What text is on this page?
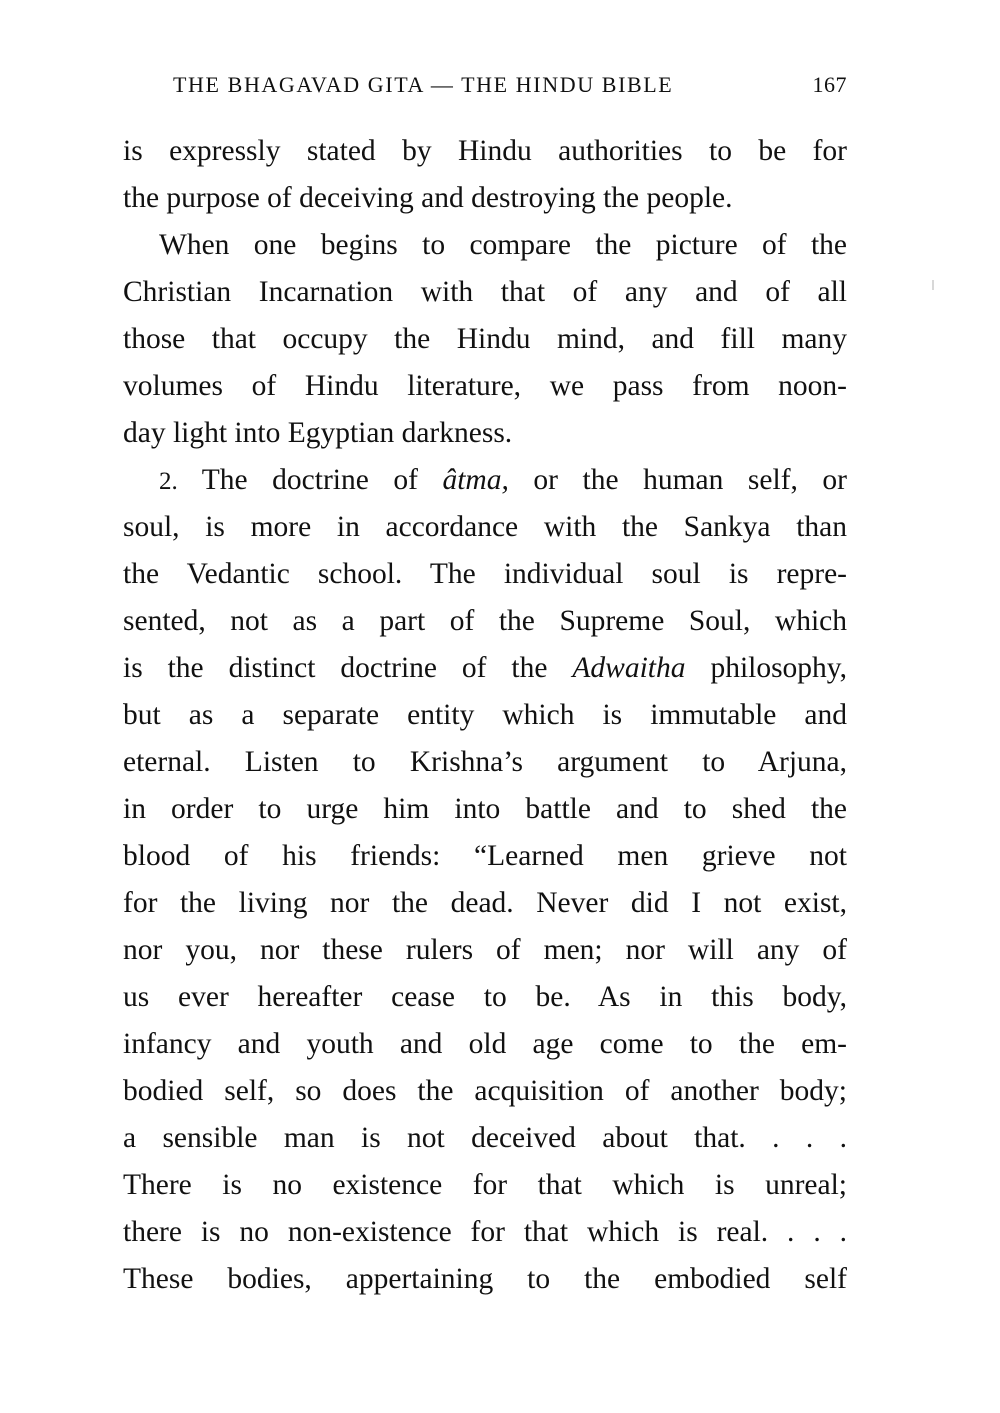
THE BHAGAVAD GITA — THE HINDU BIBLE	167
is expressly stated by Hindu authorities to be for
the purpose of deceiving and destroying the people.
When one begins to compare the picture of the
Christian Incarnation with that of any and of all
those that occupy the Hindu mind, and fill many
volumes of Hindu literature, we pass from noon-
day light into Egyptian darkness.
2. The doctrine of âtma, or the human self, or
soul, is more in accordance with the Sankya than
the Vedantic school. The individual soul is repre-
sented, not as a part of the Supreme Soul, which
is the distinct doctrine of the Adwaitha philosophy,
but as a separate entity which is immutable and
eternal. Listen to Krishna’s argument to Arjuna,
in order to urge him into battle and to shed the
blood of his friends: “Learned men grieve not
for the living nor the dead. Never did I not exist,
nor you, nor these rulers of men; nor will any of
us ever hereafter cease to be. As in this body,
infancy and youth and old age come to the em-
bodied self, so does the acquisition of another body;
a sensible man is not deceived about that. . . .
There is no existence for that which is unreal;
there is no non-existence for that which is real. . . .
These bodies, appertaining to the embodied self
